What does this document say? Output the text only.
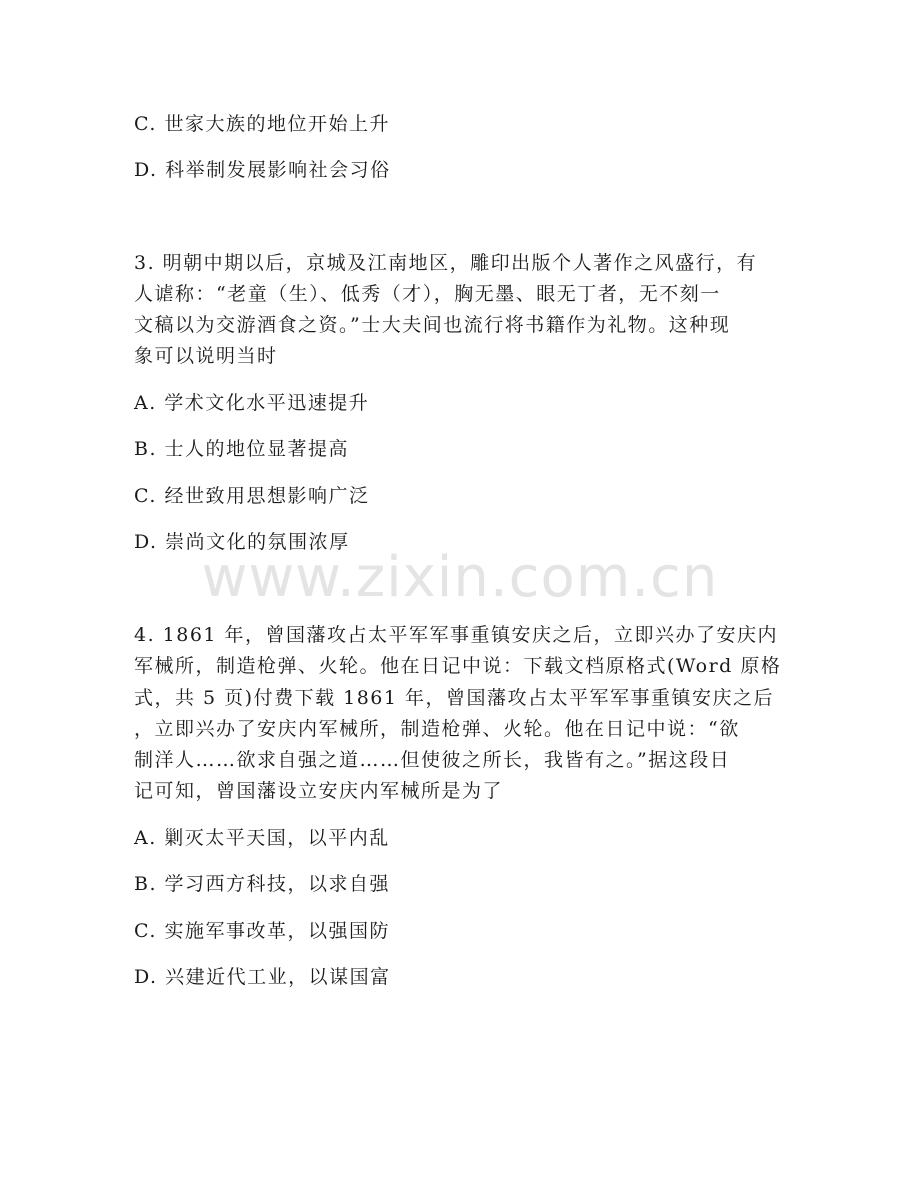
www.zixin.com.cn
C. 世家大族的地位开始上升
D. 科举制发展影响社会习俗
3. 明朝中期以后，京城及江南地区，雕印出版个人著作之风盛行，有
人谑称：“老童（生）、低秀（才），胸无墨、眼无丁者，无不刻一
文稿以为交游酒食之资。”士大夫间也流行将书籍作为礼物。这种现
象可以说明当时
A. 学术文化水平迅速提升
B. 士人的地位显著提高
C. 经世致用思想影响广泛
D. 崇尚文化的氛围浓厚
4. 1861 年，曾国藩攻占太平军军事重镇安庆之后，立即兴办了安庆内
军械所，制造枪弹、火轮。他在日记中说：下载文档原格式(Word 原格
式，共 5 页)付费下载 1861 年，曾国藩攻占太平军军事重镇安庆之后
，立即兴办了安庆内军械所，制造枪弹、火轮。他在日记中说：“欲
制洋人……欲求自强之道……但使彼之所长，我皆有之。”据这段日
记可知，曾国藩设立安庆内军械所是为了
A. 剿灭太平天国，以平内乱
B. 学习西方科技，以求自强
C. 实施军事改革，以强国防
D. 兴建近代工业，以谋国富
